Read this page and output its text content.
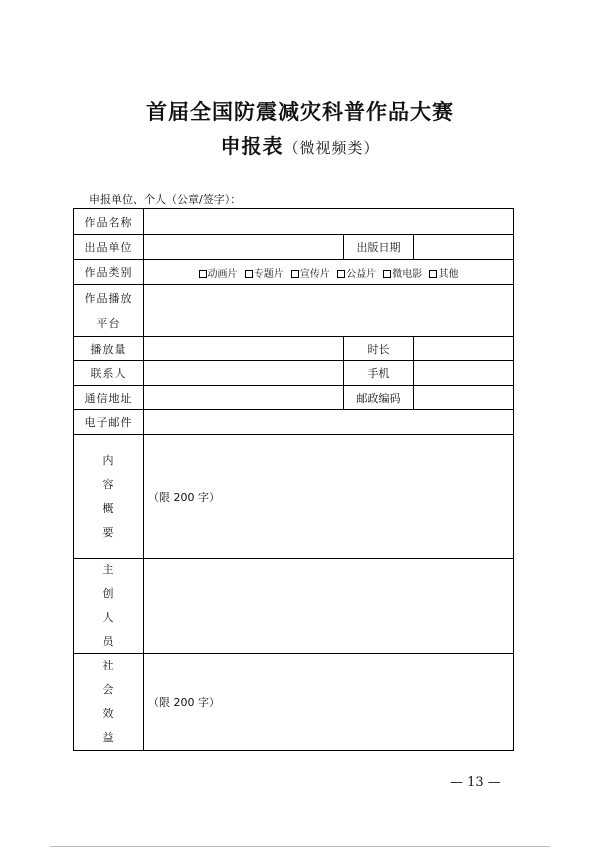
首届全国防震减灾科普作品大赛
申报表（微视频类）
申报单位、个人（公章/签字）：
作品名称			
出品单位		出版日期	
作品类别	动画片 专题片 宣传片 公益片 微电影 其他		

作品播放
平台			

播放量		时长	
联系人		手机	
通信地址		邮政编码	
电子邮件			

内
容
概
要	（限 200 字）		

主
创
人
员			

社
会
效
益	（限 200 字）		
— 13 —
